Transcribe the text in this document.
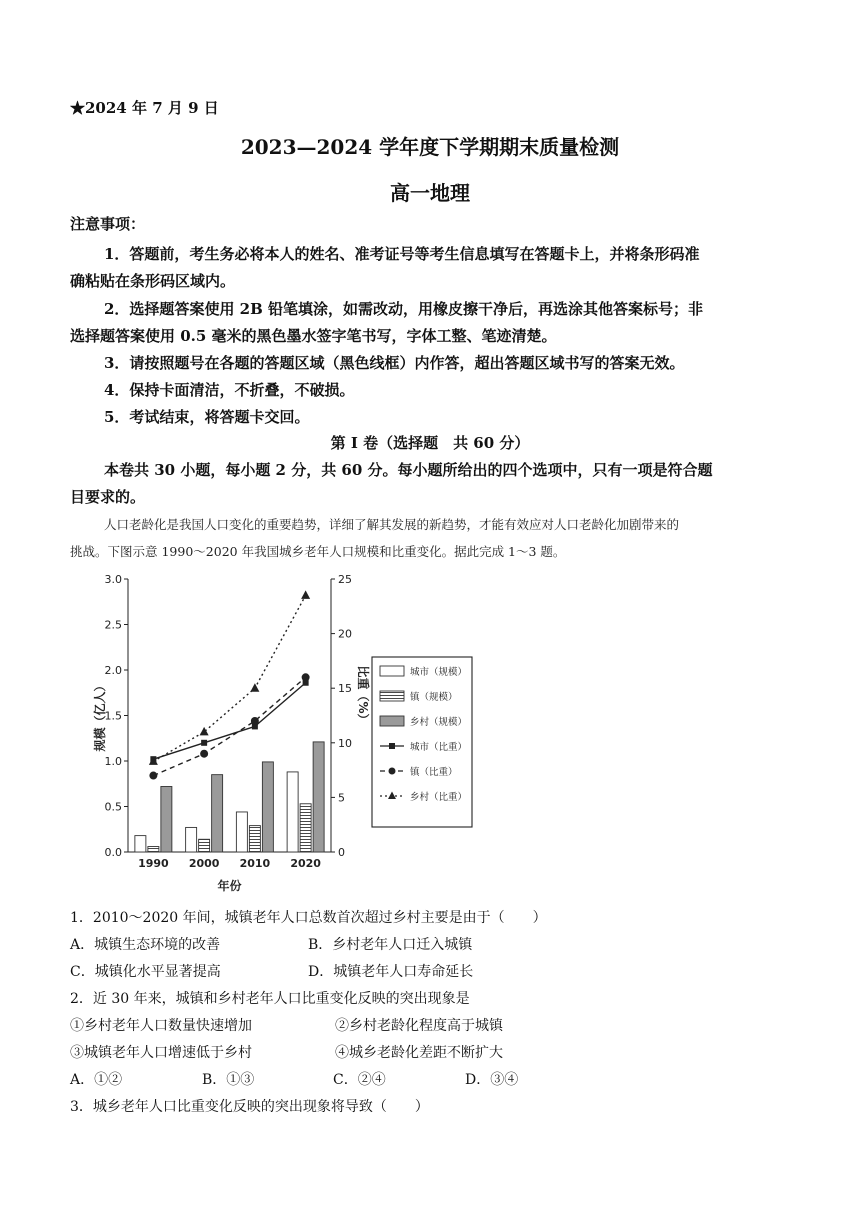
★2024 年 7 月 9 日
2023—2024 学年度下学期期末质量检测
高一地理
注意事项：
1．答题前，考生务必将本人的姓名、准考证号等考生信息填写在答题卡上，并将条形码准
确粘贴在条形码区域内。
2．选择题答案使用 2B 铅笔填涂，如需改动，用橡皮擦干净后，再选涂其他答案标号；非
选择题答案使用 0.5 毫米的黑色墨水签字笔书写，字体工整、笔迹清楚。
3．请按照题号在各题的答题区域（黑色线框）内作答，超出答题区域书写的答案无效。
4．保持卡面清洁，不折叠，不破损。
5．考试结束，将答题卡交回。
第 I 卷（选择题　共 60 分）
本卷共 30 小题，每小题 2 分，共 60 分。每小题所给出的四个选项中，只有一项是符合题
目要求的。
人口老龄化是我国人口变化的重要趋势，详细了解其发展的新趋势，才能有效应对人口老龄化加剧带来的
挑战。下图示意 1990～2020 年我国城乡老年人口规模和比重变化。据此完成 1～3 题。
0.0
0.5
1.0
1.5
2.0
2.5
3.0
0
5
10
15
20
25
1990 2000 2010 2020
年份
规模（亿人）	比重（%）	城市（规模）
镇（规模）
乡村（规模）
城市（比重）
镇（比重）
乡村（比重）
1．2010～2020 年间，城镇老年人口总数首次超过乡村主要是由于（　　）
A．城镇生态环境的改善	B．乡村老年人口迁入城镇
C．城镇化水平显著提高	D．城镇老年人口寿命延长
2．近 30 年来，城镇和乡村老年人口比重变化反映的突出现象是
①乡村老年人口数量快速增加	②乡村老龄化程度高于城镇
③城镇老年人口增速低于乡村	④城乡老龄化差距不断扩大
A．①②	B．①③	C．②④	D．③④
3．城乡老年人口比重变化反映的突出现象将导致（　　）
